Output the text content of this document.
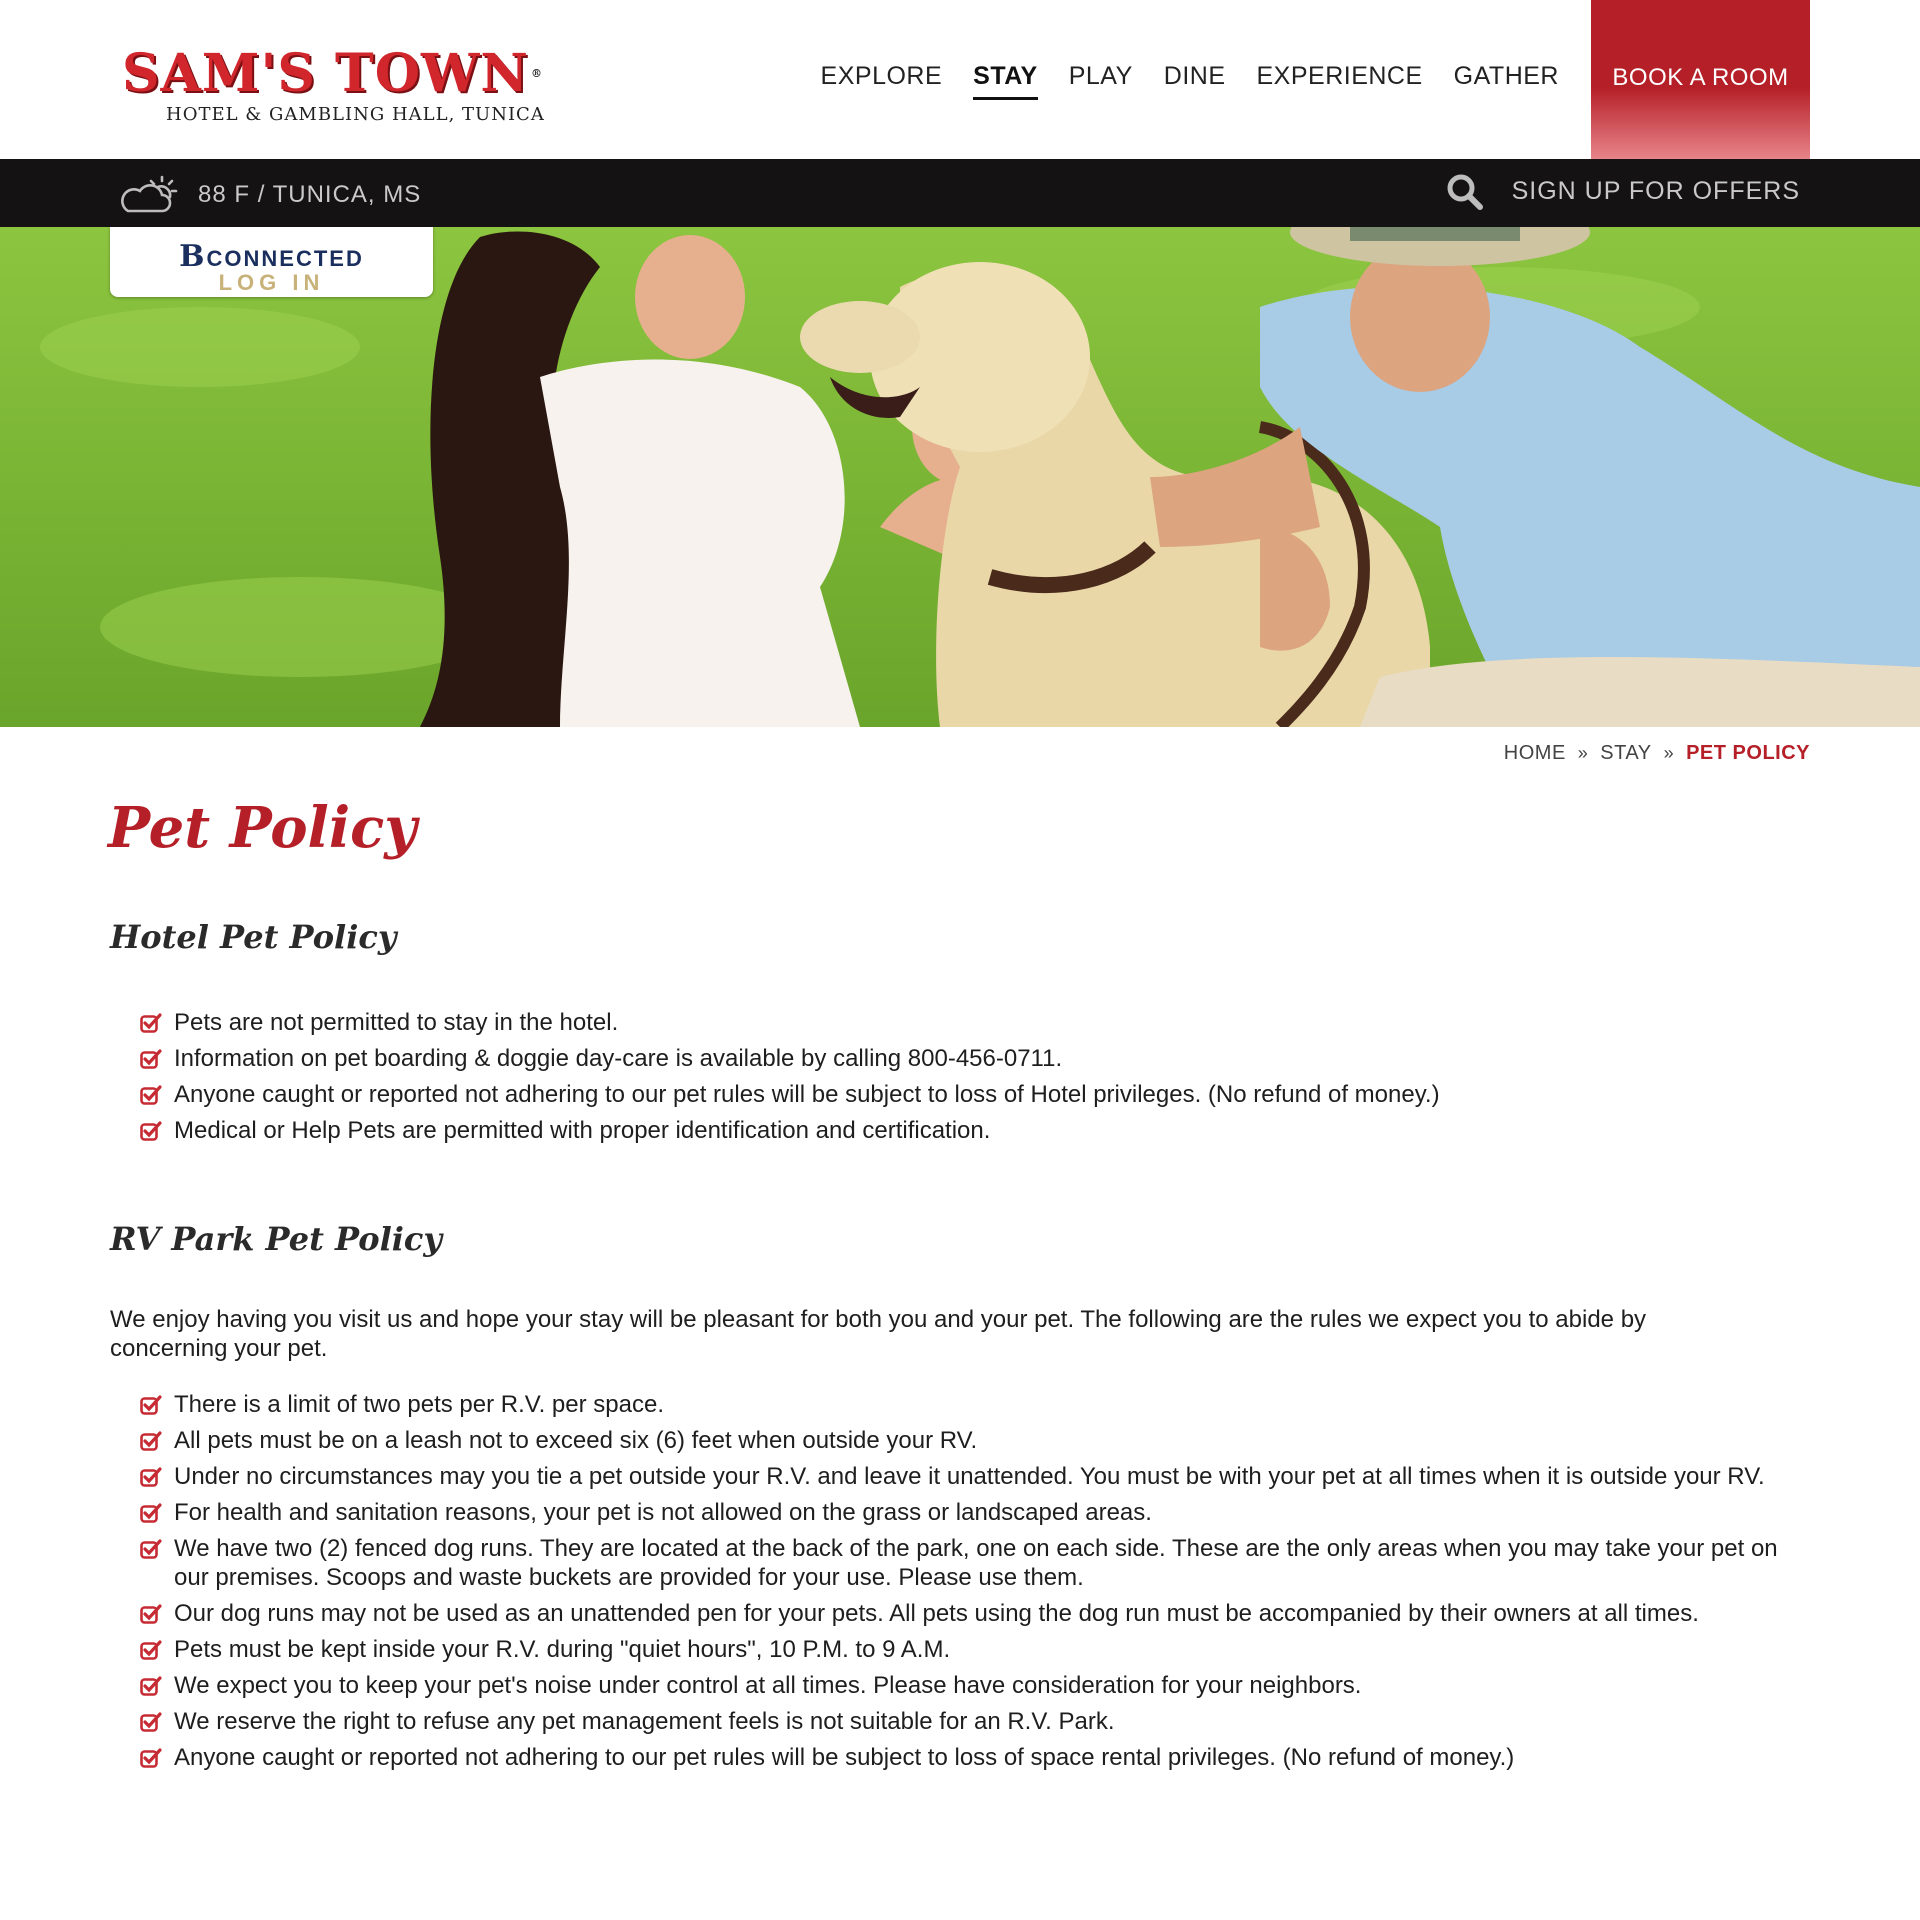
SAM'S TOWN ®
HOTEL & GAMBLING HALL, TUNICA
EXPLORE STAY PLAY DINE EXPERIENCE GATHER	BOOK A ROOM
88 F / TUNICA, MS	SIGN UP FOR OFFERS
BCONNECTED
LOG IN
HOME » STAY » PET POLICY
Pet Policy
Hotel Pet Policy
Pets are not permitted to stay in the hotel.
Information on pet boarding & doggie day-care is available by calling 800-456-0711.
Anyone caught or reported not adhering to our pet rules will be subject to loss of Hotel privileges. (No refund of money.)
Medical or Help Pets are permitted with proper identification and certification.
RV Park Pet Policy

We enjoy having you visit us and hope your stay will be pleasant for both you and your pet. The following are the rules we expect you to abide by concerning your pet.

There is a limit of two pets per R.V. per space.
All pets must be on a leash not to exceed six (6) feet when outside your RV.
Under no circumstances may you tie a pet outside your R.V. and leave it unattended. You must be with your pet at all times when it is outside your RV.
For health and sanitation reasons, your pet is not allowed on the grass or landscaped areas.
We have two (2) fenced dog runs. They are located at the back of the park, one on each side. These are the only areas when you may take your pet on our premises. Scoops and waste buckets are provided for your use. Please use them.
Our dog runs may not be used as an unattended pen for your pets. All pets using the dog run must be accompanied by their owners at all times.
Pets must be kept inside your R.V. during "quiet hours", 10 P.M. to 9 A.M.
We expect you to keep your pet's noise under control at all times. Please have consideration for your neighbors.
We reserve the right to refuse any pet management feels is not suitable for an R.V. Park.
Anyone caught or reported not adhering to our pet rules will be subject to loss of space rental privileges. (No refund of money.)
